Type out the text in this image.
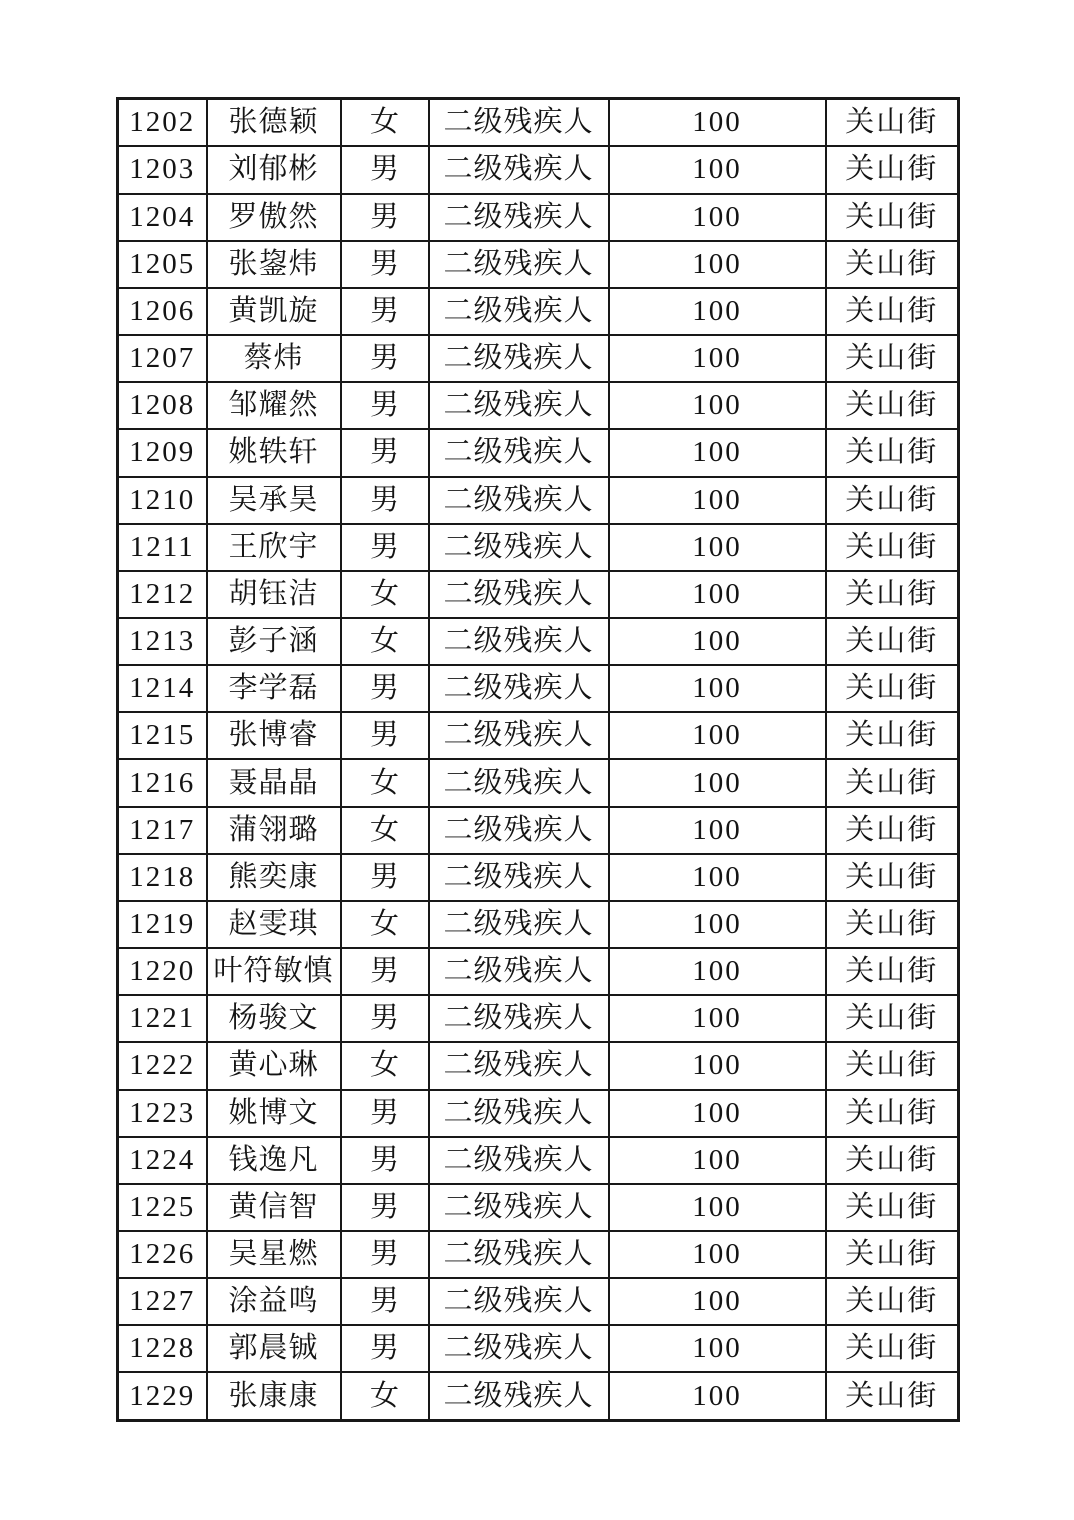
1202	张德颖	女	二级残疾人	100	关山街
1203	刘郁彬	男	二级残疾人	100	关山街
1204	罗傲然	男	二级残疾人	100	关山街
1205	张鋆炜	男	二级残疾人	100	关山街
1206	黄凯旋	男	二级残疾人	100	关山街
1207	蔡炜	男	二级残疾人	100	关山街
1208	邹耀然	男	二级残疾人	100	关山街
1209	姚轶轩	男	二级残疾人	100	关山街
1210	吴承昊	男	二级残疾人	100	关山街
1211	王欣宇	男	二级残疾人	100	关山街
1212	胡钰洁	女	二级残疾人	100	关山街
1213	彭子涵	女	二级残疾人	100	关山街
1214	李学磊	男	二级残疾人	100	关山街
1215	张博睿	男	二级残疾人	100	关山街
1216	聂晶晶	女	二级残疾人	100	关山街
1217	蒲翎璐	女	二级残疾人	100	关山街
1218	熊奕康	男	二级残疾人	100	关山街
1219	赵雯琪	女	二级残疾人	100	关山街
1220	叶符敏慎	男	二级残疾人	100	关山街
1221	杨骏文	男	二级残疾人	100	关山街
1222	黄心琳	女	二级残疾人	100	关山街
1223	姚博文	男	二级残疾人	100	关山街
1224	钱逸凡	男	二级残疾人	100	关山街
1225	黄信智	男	二级残疾人	100	关山街
1226	吴星燃	男	二级残疾人	100	关山街
1227	涂益鸣	男	二级残疾人	100	关山街
1228	郭晨铖	男	二级残疾人	100	关山街
1229	张康康	女	二级残疾人	100	关山街
